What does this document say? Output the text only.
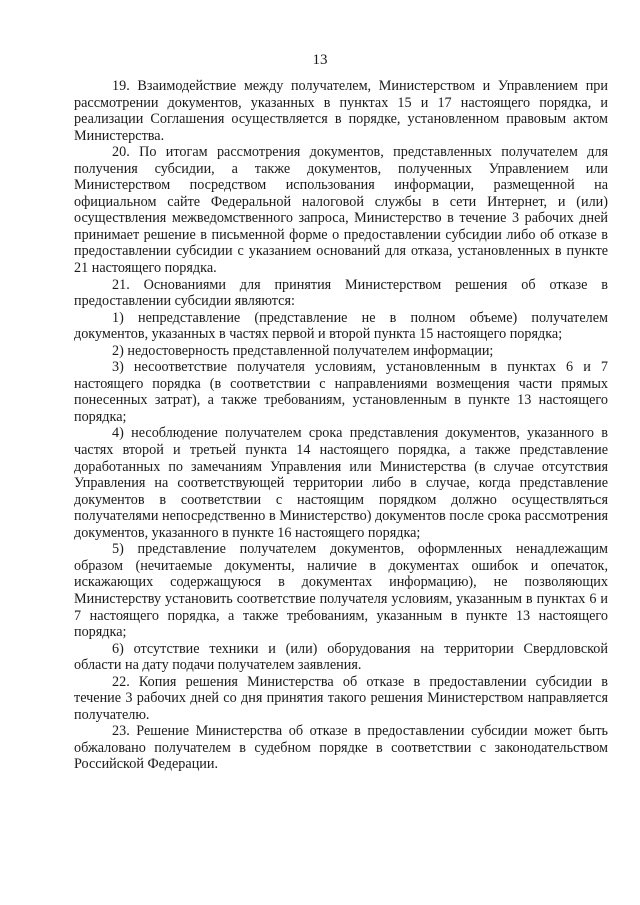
13

19. Взаимодействие между получателем, Министерством и Управлением при рассмотрении документов, указанных в пунктах 15 и 17 настоящего порядка, и реализации Соглашения осуществляется в порядке, установленном правовым актом Министерства.

20. По итогам рассмотрения документов, представленных получателем для получения субсидии, а также документов, полученных Управлением или Министерством посредством использования информации, размещенной на официальном сайте Федеральной налоговой службы в сети Интернет, и (или) осуществления межведомственного запроса, Министерство в течение 3 рабочих дней принимает решение в письменной форме о предоставлении субсидии либо об отказе в предоставлении субсидии с указанием оснований для отказа, установленных в пункте 21 настоящего порядка.

21. Основаниями для принятия Министерством решения об отказе в предоставлении субсидии являются:

1) непредставление (представление не в полном объеме) получателем документов, указанных в частях первой и второй пункта 15 настоящего порядка;

2) недостоверность представленной получателем информации;

3) несоответствие получателя условиям, установленным в пунктах 6 и 7 настоящего порядка (в соответствии с направлениями возмещения части прямых понесенных затрат), а также требованиям, установленным в пункте 13 настоящего порядка;

4) несоблюдение получателем срока представления документов, указанного в частях второй и третьей пункта 14 настоящего порядка, а также представление доработанных по замечаниям Управления или Министерства (в случае отсутствия Управления на соответствующей территории либо в случае, когда представление документов в соответствии с настоящим порядком должно осуществляться получателями непосредственно в Министерство) документов после срока рассмотрения документов, указанного в пункте 16 настоящего порядка;

5) представление получателем документов, оформленных ненадлежащим образом (нечитаемые документы, наличие в документах ошибок и опечаток, искажающих содержащуюся в документах информацию), не позволяющих Министерству установить соответствие получателя условиям, указанным в пунктах 6 и 7 настоящего порядка, а также требованиям, указанным в пункте 13 настоящего порядка;

6) отсутствие техники и (или) оборудования на территории Свердловской области на дату подачи получателем заявления.

22. Копия решения Министерства об отказе в предоставлении субсидии в течение 3 рабочих дней со дня принятия такого решения Министерством направляется получателю.

23. Решение Министерства об отказе в предоставлении субсидии может быть обжаловано получателем в судебном порядке в соответствии с законодательством Российской Федерации.
